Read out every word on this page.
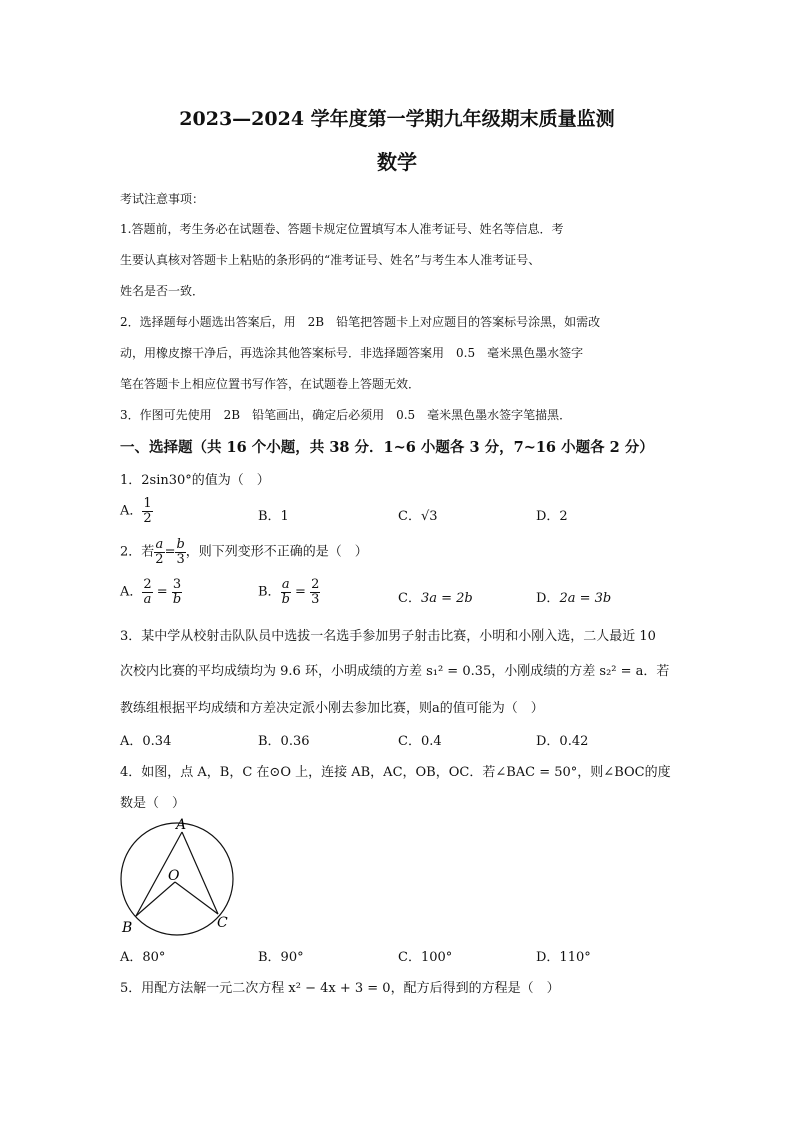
2023—2024 学年度第一学期九年级期末质量监测
数学
考试注意事项：
1.答题前，考生务必在试题卷、答题卡规定位置填写本人准考证号、姓名等信息．考
生要认真核对答题卡上粘贴的条形码的“准考证号、姓名”与考生本人准考证号、
姓名是否一致．
2．选择题每小题选出答案后，用　2B　铅笔把答题卡上对应题目的答案标号涂黑，如需改
动，用橡皮擦干净后，再选涂其他答案标号．非选择题答案用　0.5　毫米黑色墨水签字
笔在答题卡上相应位置书写作答，在试题卷上答题无效．
3．作图可先使用　2B　铅笔画出，确定后必须用　0.5　毫米黑色墨水签字笔描黑．
一、选择题（共 16 个小题，共 38 分．1~6 小题各 3 分，7~16 小题各 2 分）
1．2sin30°的值为（　）
A． $\frac{1}{2}$	B．1	C．√3	D．2
2．若 $\frac{a}{2} = \frac{b}{3}$ ，则下列变形不正确的是（　）
A． $\frac{2}{a} = \frac{3}{b}$	B． $\frac{a}{b} = \frac{2}{3}$	C．3a = 2b	D．2a = 3b
3．某中学从校射击队队员中选拔一名选手参加男子射击比赛，小明和小刚入选，二人最近 10
次校内比赛的平均成绩均为 9.6 环，小明成绩的方差 s₁² = 0.35，小刚成绩的方差 s₂² = a．若
教练组根据平均成绩和方差决定派小刚去参加比赛，则a的值可能为（　）
A．0.34	B．0.36	C．0.4	D．0.42
4．如图，点 A，B，C 在⊙O 上，连接 AB，AC，OB，OC．若∠BAC = 50°，则∠BOC的度
数是（　）
A
O
B	C
A．80°	B．90°	C．100°	D．110°
5．用配方法解一元二次方程 x² − 4x + 3 = 0，配方后得到的方程是（　）
